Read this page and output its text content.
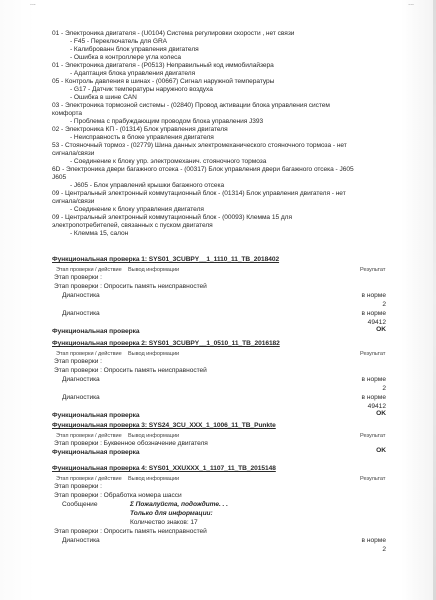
...	...
01 - Электроника двигателя - (U0104) Система регулировки скорости , нет связи
- F45 - Переключатель для GRA
- Калиброванн блок управления двигателя
- Ошибка в контроллере угла колеса
01 - Электроника двигателя - (P0513) Неправильный код иммобилайзера
- Адаптация блока управления двигателя
05 - Контроль давления в шинах - (00667) Сигнал наружной температуры
- G17 - Датчик температуры наружного воздуха
- Ошибка в шине CAN
03 - Электроника тормозной системы - (02840) Провод активации блока управления систем
комфорта
- Проблема с прабуждающим проводом блока управления J393
02 - Электроника КП - (01314) Блок управления двигателя
- Неисправность в блоке управления двигателя
53 - Стояночный тормоз - (02779) Шина данных электромеханического стояночного тормоза - нет
сигнала/связи
- Соединение к блоку упр. электромеханич. стояночного тормоза
6D - Электроника двери багажного отсека - (00317) Блок управления двери багажного отсека - J605
J605
- J605 - Блок управлений крышки багажного отсека
09 - Центральный электронный коммутационный блок - (01314) Блок управления двигателя - нет
сигнала/связи
- Соединение к блоку управления двигателя
09 - Центральный электронный коммутационный блок - (00093) Клемма 15 для
электропотребителей, связанных с пуском двигателя
- Клемма 15, салон
Функциональная проверка 1: SYS01_3CUBPY__1_1110_11_TB_2018402
Этап проверки / действие Вывод информации	Результат
Этап проверки :
Этап проверки : Опросить память неисправностей
Диагностика	в норме
2
Диагностика	в норме
49412
Функциональная проверка	OK
Функциональная проверка 2: SYS01_3CUBPY__1_0510_11_TB_2016182
Этап проверки / действие Вывод информации	Результат
Этап проверки :
Этап проверки : Опросить память неисправностей
Диагностика	в норме
2
Диагностика	в норме
49412
Функциональная проверка	OK
Функциональная проверка 3: SYS24_3CU_XXX_1_1006_11_TB_Punkte
Этап проверки / действие Вывод информации	Результат
Этап проверки : Буквенное обозначение двигателя
Функциональная проверка	OK
Функциональная проверка 4: SYS01_XXUXXX_1_1107_11_TB_2015148
Этап проверки / действие Вывод информации	Результат
Этап проверки :
Этап проверки : Обработка номера шасси
Сообщение	Σ Пожалуйста, подождите. . .
Только для информации:
Количество знаков: 17
Этап проверки : Опросить память неисправностей
Диагностика	в норме
2
